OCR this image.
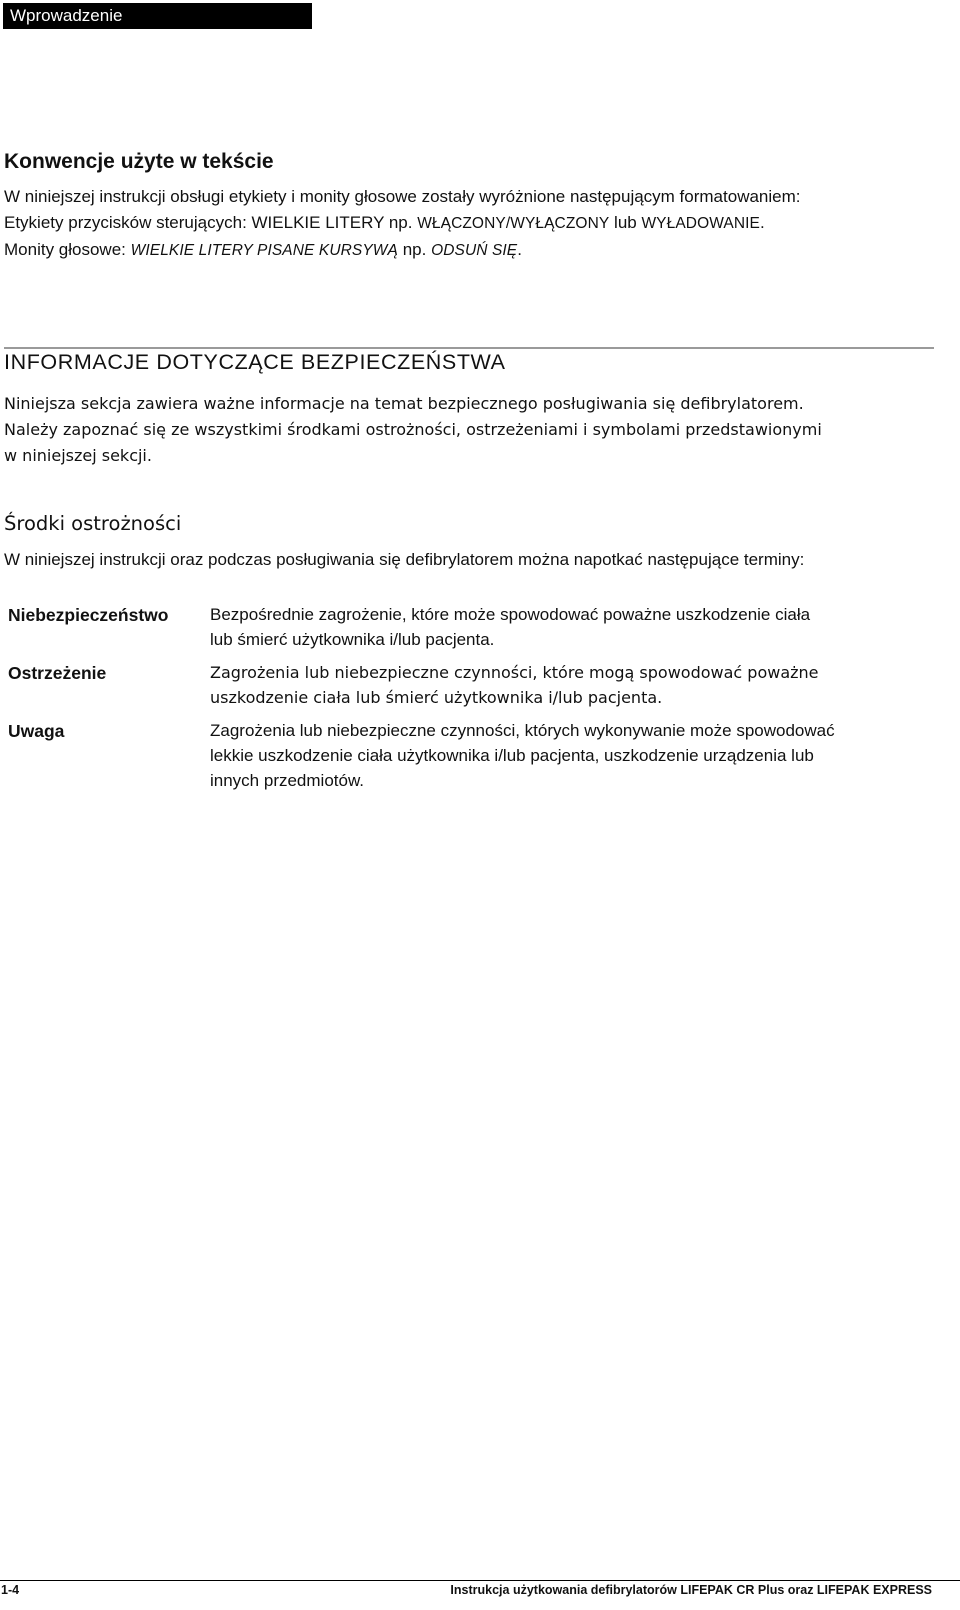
Wprowadzenie
Konwencje użyte w tekście

W niniejszej instrukcji obsługi etykiety i monity głosowe zostały wyróżnione następującym formatowaniem:

Etykiety przycisków sterujących: WIELKIE LITERY np. WŁĄCZONY/WYŁĄCZONY lub WYŁADOWANIE.

Monity głosowe: WIELKIE LITERY PISANE KURSYWĄ np. ODSUŃ SIĘ.

INFORMACJE DOTYCZĄCE BEZPIECZEŃSTWA

Niniejsza sekcja zawiera ważne informacje na temat bezpiecznego posługiwania się defibrylatorem.

Należy zapoznać się ze wszystkimi środkami ostrożności, ostrzeżeniami i symbolami przedstawionymi

w niniejszej sekcji.

Środki ostrożności

W niniejszej instrukcji oraz podczas posługiwania się defibrylatorem można napotkać następujące terminy:

Niebezpieczeństwo Bezpośrednie zagrożenie, które może spowodować poważne uszkodzenie ciała
lub śmierć użytkownika i/lub pacjenta.
Ostrzeżenie	Zagrożenia lub niebezpieczne czynności, które mogą spowodować poważne
uszkodzenie ciała lub śmierć użytkownika i/lub pacjenta.
Uwaga	Zagrożenia lub niebezpieczne czynności, których wykonywanie może spowodować
lekkie uszkodzenie ciała użytkownika i/lub pacjenta, uszkodzenie urządzenia lub
innych przedmiotów.
1-4	Instrukcja użytkowania defibrylatorów LIFEPAK CR Plus oraz LIFEPAK EXPRESS
